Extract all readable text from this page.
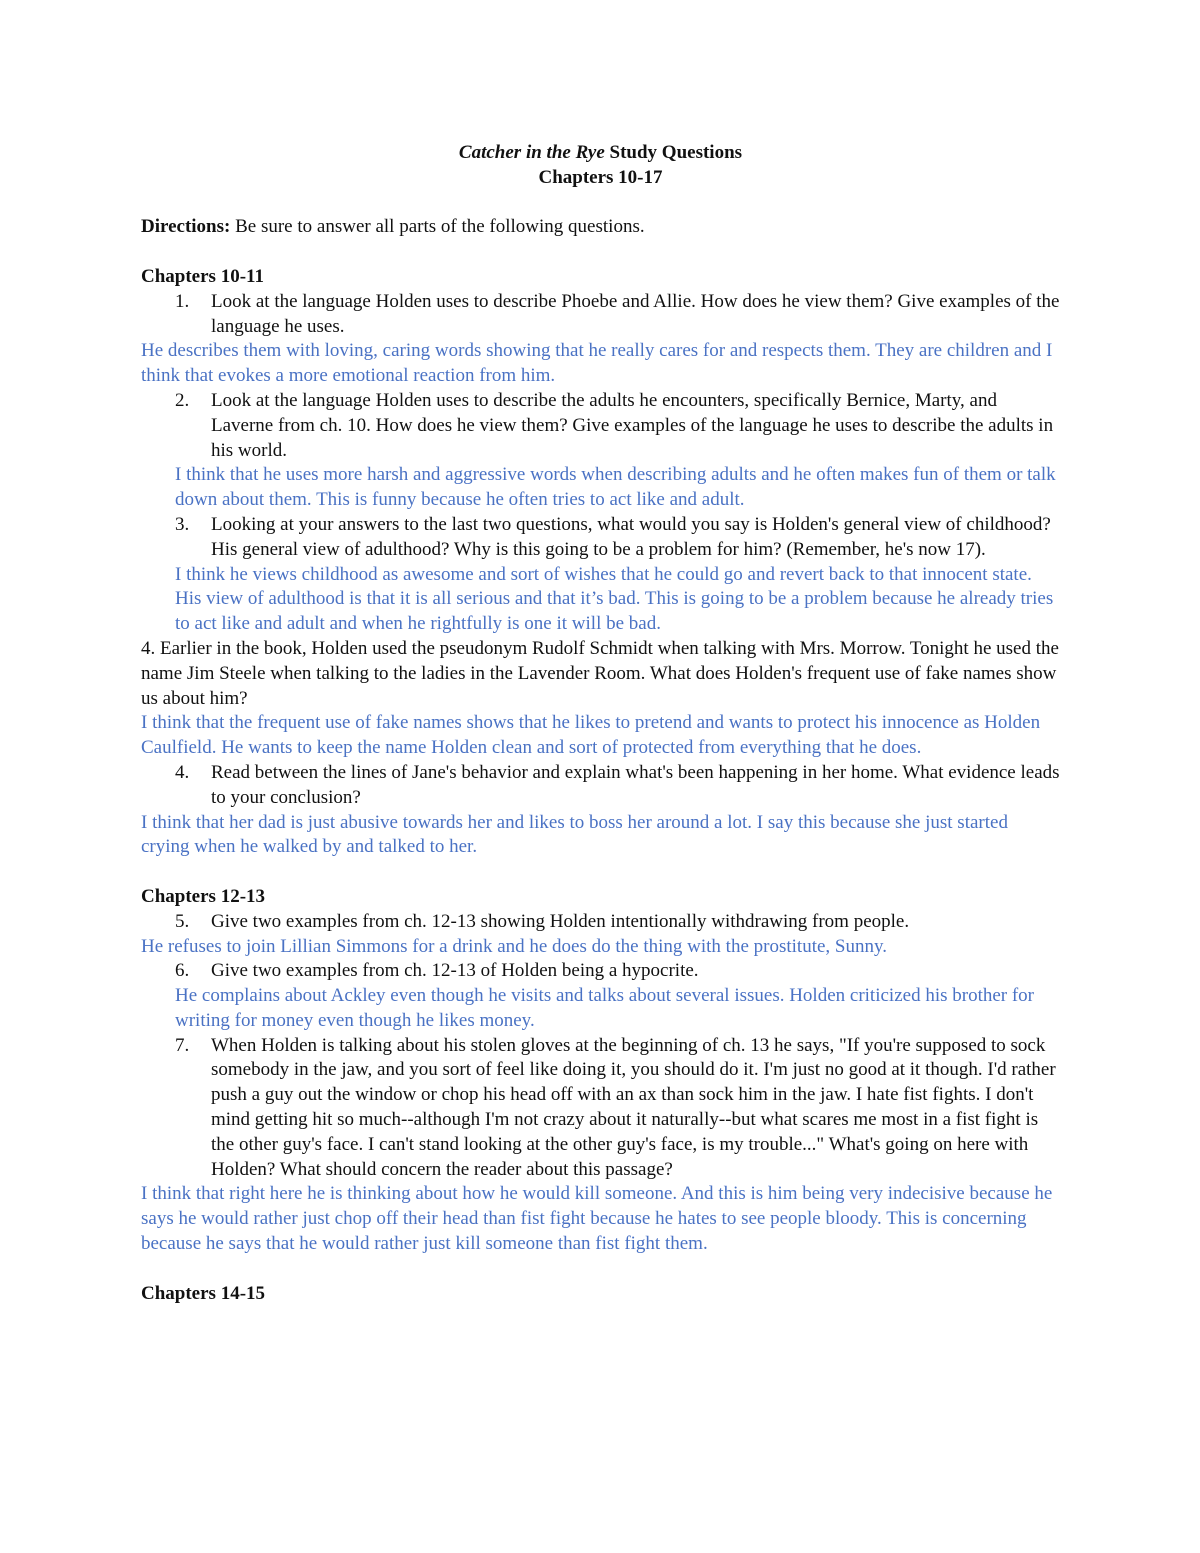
Catcher in the Rye Study Questions

Chapters 10-17

Directions: Be sure to answer all parts of the following questions.

Chapters 10-11

1. Look at the language Holden uses to describe Phoebe and Allie. How does he view them? Give examples of the language he uses.

He describes them with loving, caring words showing that he really cares for and respects them. They are children and I think that evokes a more emotional reaction from him.

2. Look at the language Holden uses to describe the adults he encounters, specifically Bernice, Marty, and Laverne from ch. 10. How does he view them? Give examples of the language he uses to describe the adults in his world.

I think that he uses more harsh and aggressive words when describing adults and he often makes fun of them or talk down about them. This is funny because he often tries to act like and adult.

3. Looking at your answers to the last two questions, what would you say is Holden's general view of childhood? His general view of adulthood? Why is this going to be a problem for him? (Remember, he's now 17).

I think he views childhood as awesome and sort of wishes that he could go and revert back to that innocent state. His view of adulthood is that it is all serious and that it’s bad. This is going to be a problem because he already tries to act like and adult and when he rightfully is one it will be bad.

4. Earlier in the book, Holden used the pseudonym Rudolf Schmidt when talking with Mrs. Morrow. Tonight he used the name Jim Steele when talking to the ladies in the Lavender Room. What does Holden's frequent use of fake names show us about him?

I think that the frequent use of fake names shows that he likes to pretend and wants to protect his innocence as Holden Caulfield. He wants to keep the name Holden clean and sort of protected from everything that he does.

4. Read between the lines of Jane's behavior and explain what's been happening in her home. What evidence leads to your conclusion?

I think that her dad is just abusive towards her and likes to boss her around a lot. I say this because she just started crying when he walked by and talked to her.

Chapters 12-13

5. Give two examples from ch. 12-13 showing Holden intentionally withdrawing from people.

He refuses to join Lillian Simmons for a drink and he does do the thing with the prostitute, Sunny.

6. Give two examples from ch. 12-13 of Holden being a hypocrite.

He complains about Ackley even though he visits and talks about several issues. Holden criticized his brother for writing for money even though he likes money.

7. When Holden is talking about his stolen gloves at the beginning of ch. 13 he says, "If you're supposed to sock somebody in the jaw, and you sort of feel like doing it, you should do it. I'm just no good at it though. I'd rather push a guy out the window or chop his head off with an ax than sock him in the jaw. I hate fist fights. I don't mind getting hit so much--although I'm not crazy about it naturally--but what scares me most in a fist fight is the other guy's face. I can't stand looking at the other guy's face, is my trouble..." What's going on here with Holden? What should concern the reader about this passage?

I think that right here he is thinking about how he would kill someone. And this is him being very indecisive because he says he would rather just chop off their head than fist fight because he hates to see people bloody. This is concerning because he says that he would rather just kill someone than fist fight them.

Chapters 14-15
